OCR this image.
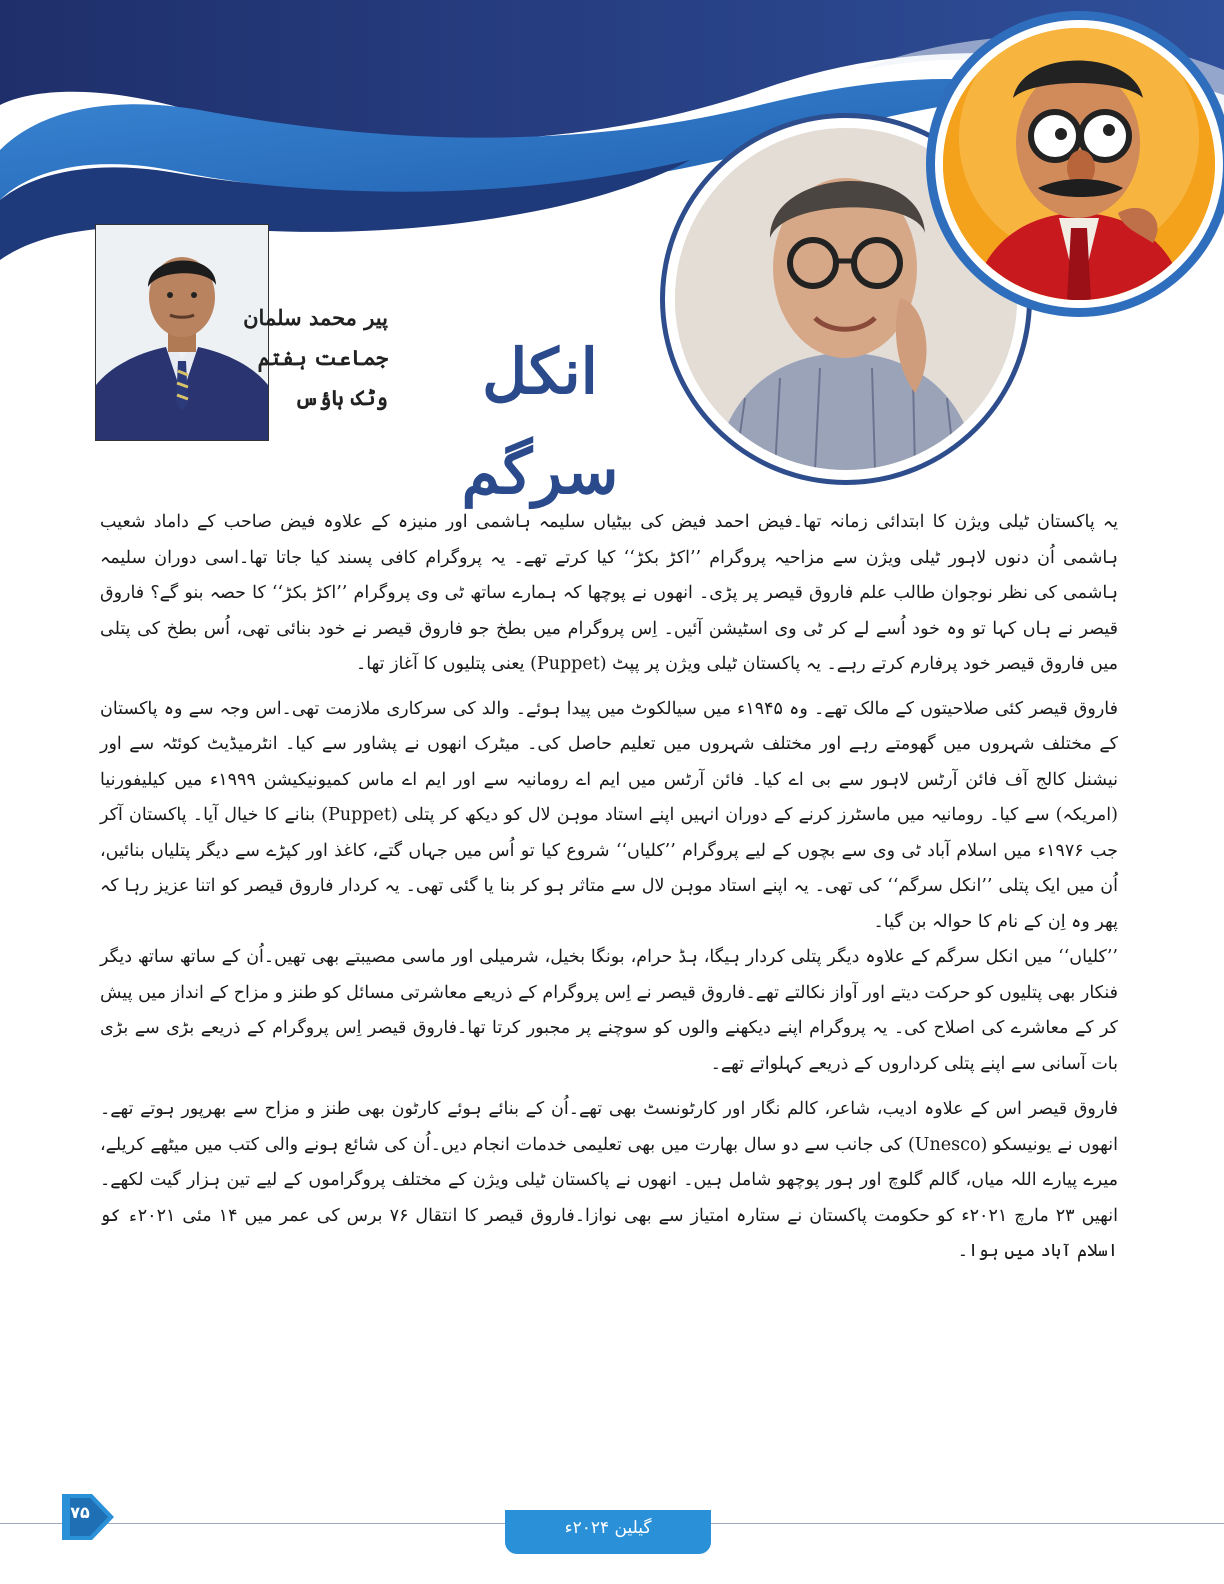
انکل سرگم
پیر محمد سلمان
جماعت ہفتم
وٹک ہاؤس

یہ پاکستان ٹیلی ویژن کا ابتدائی زمانہ تھا۔فیض احمد فیض کی بیٹیاں سلیمہ ہاشمی اور منیزہ کے علاوہ فیض صاحب کے داماد شعیب ہاشمی اُن دنوں لاہور ٹیلی ویژن سے مزاحیہ پروگرام ’’اکڑ بکڑ‘‘ کیا کرتے تھے۔ یہ پروگرام کافی پسند کیا جاتا تھا۔اسی دوران سلیمہ ہاشمی کی نظر نوجوان طالب علم فاروق قیصر پر پڑی۔ انھوں نے پوچھا کہ ہمارے ساتھ ٹی وی پروگرام ’’اکڑ بکڑ‘‘ کا حصہ بنو گے؟ فاروق قیصر نے ہاں کہا تو وہ خود اُسے لے کر ٹی وی اسٹیشن آئیں۔ اِس پروگرام میں بطخ جو فاروق قیصر نے خود بنائی تھی، اُس بطخ کی پتلی میں فاروق قیصر خود پرفارم کرتے رہے۔ یہ پاکستان ٹیلی ویژن پر پپٹ (Puppet) یعنی پتلیوں کا آغاز تھا۔

فاروق قیصر کئی صلاحیتوں کے مالک تھے۔ وہ ۱۹۴۵ء میں سیالکوٹ میں پیدا ہوئے۔ والد کی سرکاری ملازمت تھی۔اس وجہ سے وہ پاکستان کے مختلف شہروں میں گھومتے رہے اور مختلف شہروں میں تعلیم حاصل کی۔ میٹرک انھوں نے پشاور سے کیا۔ انٹرمیڈیٹ کوئٹہ سے اور نیشنل کالج آف فائن آرٹس لاہور سے بی اے کیا۔ فائن آرٹس میں ایم اے رومانیہ سے اور ایم اے ماس کمیونیکیشن ۱۹۹۹ء میں کیلیفورنیا (امریکہ) سے کیا۔ رومانیہ میں ماسٹرز کرنے کے دوران انہیں اپنے استاد موہن لال کو دیکھ کر پتلی (Puppet) بنانے کا خیال آیا۔ پاکستان آکر جب ۱۹۷۶ء میں اسلام آباد ٹی وی سے بچوں کے لیے پروگرام ’’کلیاں‘‘ شروع کیا تو اُس میں جہاں گتے، کاغذ اور کپڑے سے دیگر پتلیاں بنائیں، اُن میں ایک پتلی ’’انکل سرگم‘‘ کی تھی۔ یہ اپنے استاد موہن لال سے متاثر ہو کر بنا یا گئی تھی۔ یہ کردار فاروق قیصر کو اتنا عزیز رہا کہ پھر وہ اِن کے نام کا حوالہ بن گیا۔

’’کلیاں‘‘ میں انکل سرگم کے علاوہ دیگر پتلی کردار ہیگا، ہڈ حرام، بونگا بخیل، شرمیلی اور ماسی مصیبتے بھی تھیں۔اُن کے ساتھ ساتھ دیگر فنکار بھی پتلیوں کو حرکت دیتے اور آواز نکالتے تھے۔فاروق قیصر نے اِس پروگرام کے ذریعے معاشرتی مسائل کو طنز و مزاح کے انداز میں پیش کر کے معاشرے کی اصلاح کی۔ یہ پروگرام اپنے دیکھنے والوں کو سوچنے پر مجبور کرتا تھا۔فاروق قیصر اِس پروگرام کے ذریعے بڑی سے بڑی بات آسانی سے اپنے پتلی کرداروں کے ذریعے کہلواتے تھے۔

فاروق قیصر اس کے علاوہ ادیب، شاعر، کالم نگار اور کارٹونسٹ بھی تھے۔اُن کے بنائے ہوئے کارٹون بھی طنز و مزاح سے بھرپور ہوتے تھے۔ انھوں نے یونیسکو (Unesco) کی جانب سے دو سال بھارت میں بھی تعلیمی خدمات انجام دیں۔اُن کی شائع ہونے والی کتب میں میٹھے کریلے، میرے پیارے اللہ میاں، گالم گلوچ اور ہور پوچھو شامل ہیں۔ انھوں نے پاکستان ٹیلی ویژن کے مختلف پروگراموں کے لیے تین ہزار گیت لکھے۔ انھیں ۲۳ مارچ ۲۰۲۱ء کو حکومت پاکستان نے ستارہ امتیاز سے بھی نوازا۔فاروق قیصر کا انتقال ۷۶ برس کی عمر میں ۱۴ مئی ۲۰۲۱ء کو اسلام آباد میں ہوا۔

۷۵
گیلین ۲۰۲۴ء
